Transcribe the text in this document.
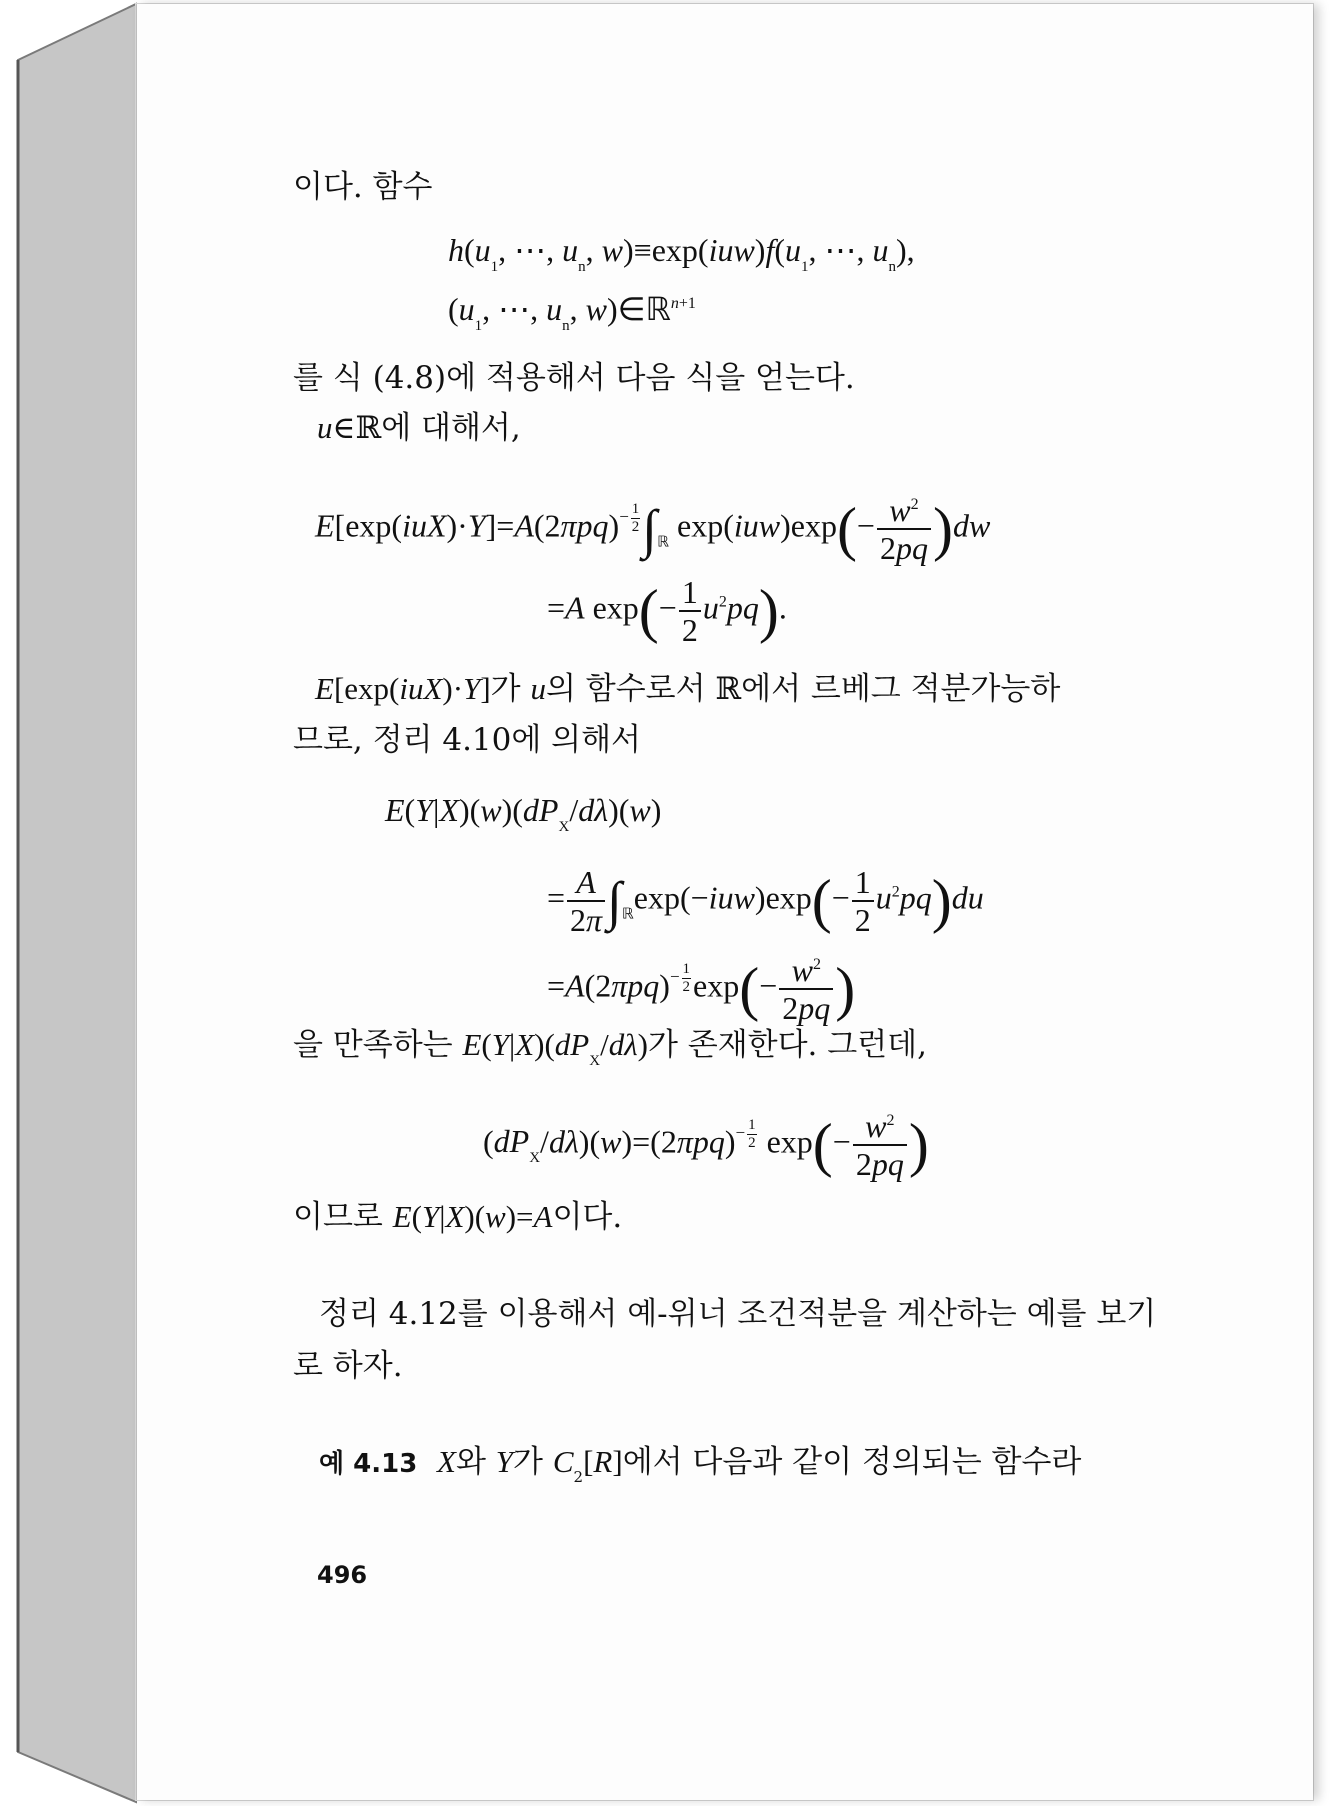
이다. 함수
$h(u_1$, ⋯, $u_n$, $w)\equiv\exp(iuw)f(u_1$, ⋯, $u_n$),
($u_1$, ⋯, $u_n$, w)∈ℝ$^{n+1}$
를 식 (4.8)에 적용해서 다음 식을 얻는다.
u∈ℝ에 대해서,
$E[\exp(iuX)\cdot Y]=A(2\pi pq)^{- \frac{1}{2}}$ $\int_ℝ$ $\exp(iuw)\exp(- \frac{w^2}{2pq} )dw$
=A $\exp(- \frac{1}{2} u^2pq)$.
E[exp(iuX)·Y]가 u의 함수로서 ℝ에서 르베그 적분가능하
므로, 정리 4.10에 의해서
$E(Y|X)(w)(dP_X/d\lambda)(w)$
= $\frac{A}{2\pi} \int_ℝ\exp(-iuw)\exp(- \frac{1}{2} u^2pq)du$
$=A(2\pi pq)^{- \frac{1}{2}}$ $\exp(- \frac{w^2}{2pq}$ )
을 만족하는 $E(Y|X)(dP_X/d\lambda)$가 존재한다. 그런데,
$(dP_X/d\lambda)(w)=(2\pi pq)^{- \frac{1}{2}}$ $\exp(- \frac{w^2}{2pq}$ )
이므로 E(Y|X)(w)=A이다.
정리 4.12를 이용해서 예-위너 조건적분을 계산하는 예를 보기
로 하자.
예 4.13 X와 Y가 $C_2[R]$에서 다음과 같이 정의되는 함수라
496
